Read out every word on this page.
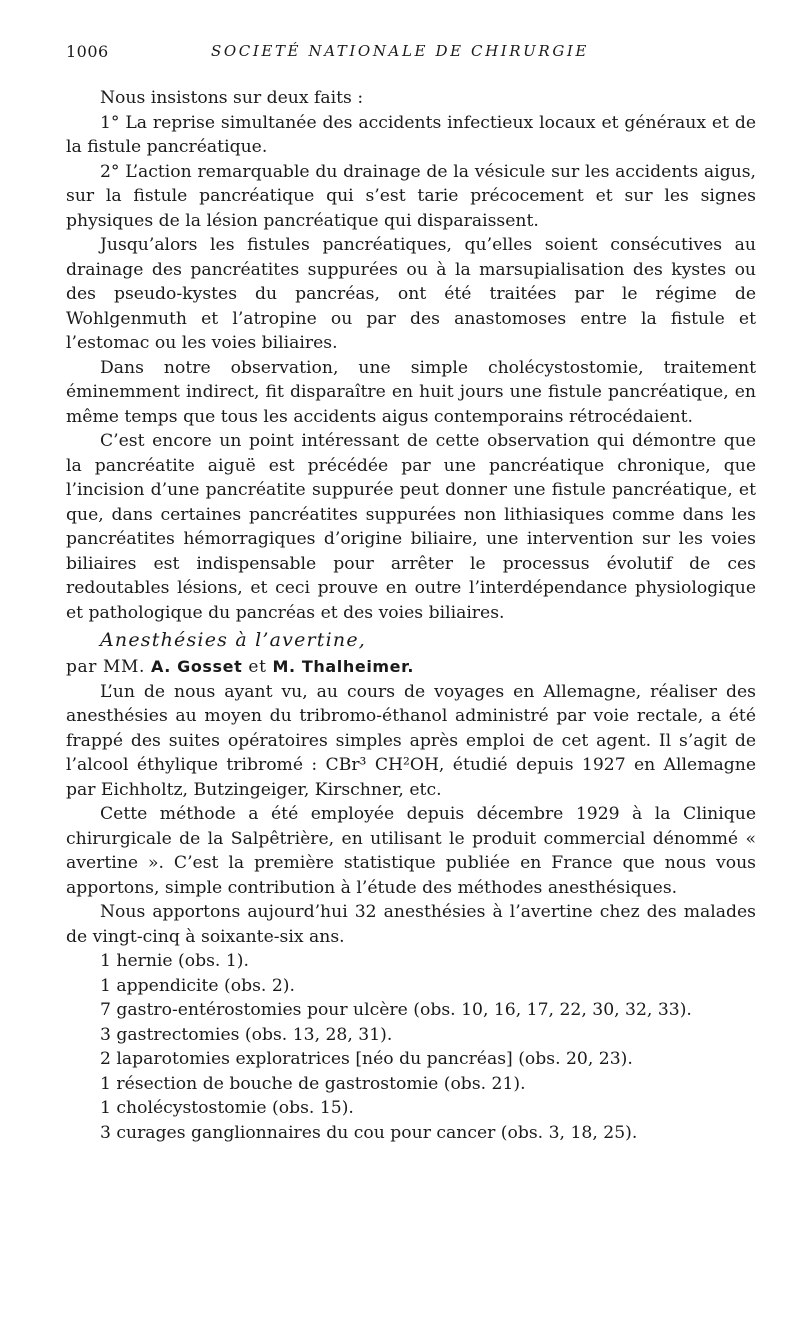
1006	SOCIETÉ NATIONALE DE CHIRURGIE

Nous insistons sur deux faits :

1° La reprise simultanée des accidents infectieux locaux et généraux et de la fistule pancréatique.

2° L’action remarquable du drainage de la vésicule sur les accidents aigus, sur la fistule pancréatique qui s’est tarie précocement et sur les signes physiques de la lésion pancréatique qui disparaissent.

Jusqu’alors les fistules pancréatiques, qu’elles soient consécutives au drainage des pancréatites suppurées ou à la marsupialisation des kystes ou des pseudo-kystes du pancréas, ont été traitées par le régime de Wohlgenmuth et l’atropine ou par des anastomoses entre la fistule et l’estomac ou les voies biliaires.

Dans notre observation, une simple cholécystostomie, traitement éminemment indirect, fit disparaître en huit jours une fistule pancréatique, en même temps que tous les accidents aigus contemporains rétrocédaient.

C’est encore un point intéressant de cette observation qui démontre que la pancréatite aiguë est précédée par une pancréatique chronique, que l’incision d’une pancréatite suppurée peut donner une fistule pancréatique, et que, dans certaines pancréatites suppurées non lithiasiques comme dans les pancréatites hémorragiques d’origine biliaire, une intervention sur les voies biliaires est indispensable pour arrêter le processus évolutif de ces redoutables lésions, et ceci prouve en outre l’interdépendance physiologique et pathologique du pancréas et des voies biliaires.

Anesthésies à l’avertine,

par MM. A. Gosset et M. Thalheimer.

L’un de nous ayant vu, au cours de voyages en Allemagne, réaliser des anesthésies au moyen du tribromo-éthanol administré par voie rectale, a été frappé des suites opératoires simples après emploi de cet agent. Il s’agit de l’alcool éthylique tribromé : CBr³ CH²OH, étudié depuis 1927 en Allemagne par Eichholtz, Butzingeiger, Kirschner, etc.

Cette méthode a été employée depuis décembre 1929 à la Clinique chirurgicale de la Salpêtrière, en utilisant le produit commercial dénommé « avertine ». C’est la première statistique publiée en France que nous vous apportons, simple contribution à l’étude des méthodes anesthésiques.

Nous apportons aujourd’hui 32 anesthésies à l’avertine chez des malades de vingt-cinq à soixante-six ans.

1 hernie (obs. 1).

1 appendicite (obs. 2).

7 gastro-entérostomies pour ulcère (obs. 10, 16, 17, 22, 30, 32, 33).

3 gastrectomies (obs. 13, 28, 31).

2 laparotomies exploratrices [néo du pancréas] (obs. 20, 23).

1 résection de bouche de gastrostomie (obs. 21).

1 cholécystostomie (obs. 15).

3 curages ganglionnaires du cou pour cancer (obs. 3, 18, 25).
